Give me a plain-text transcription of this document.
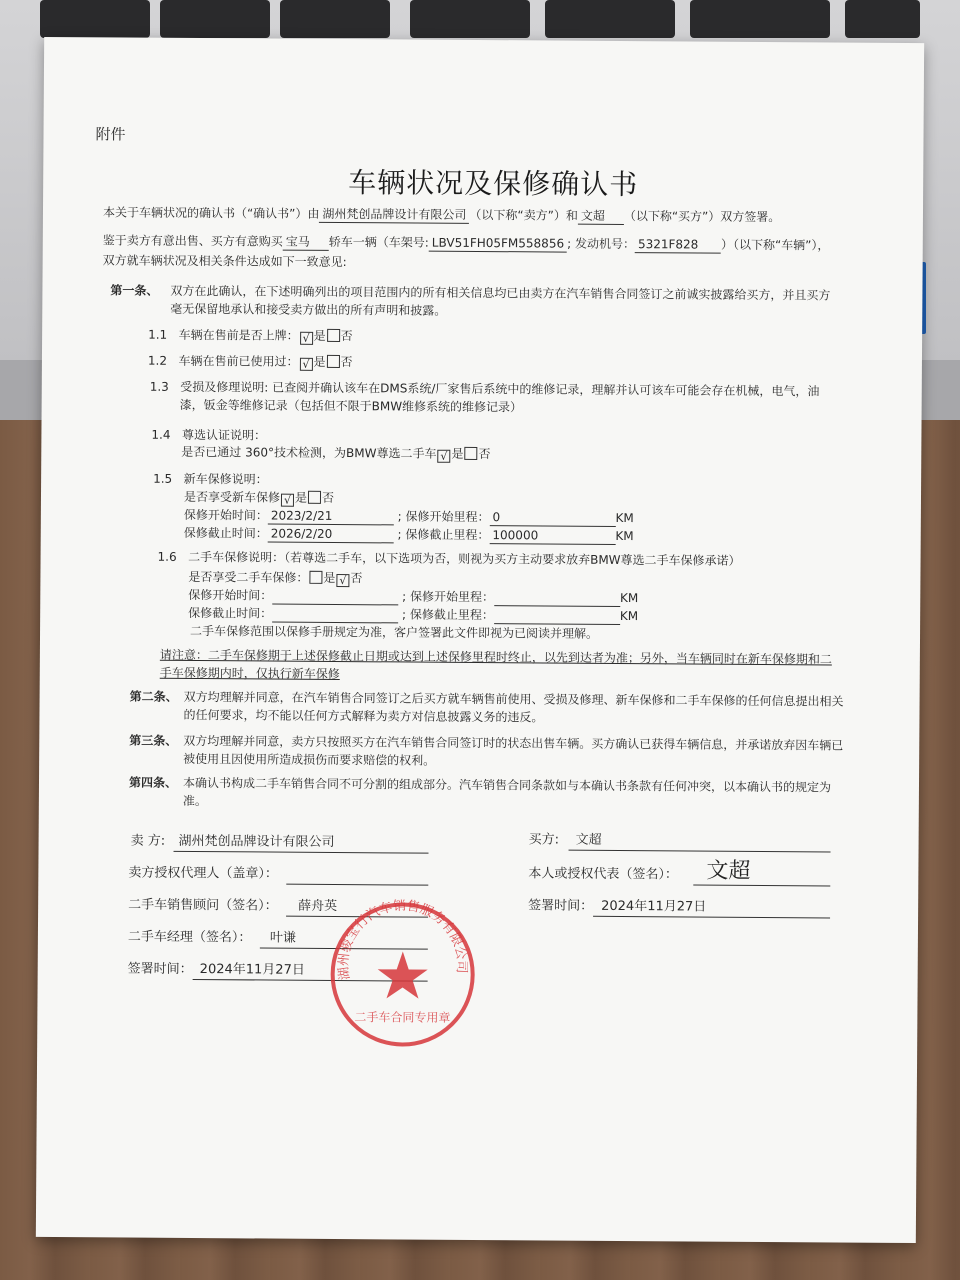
附件
车辆状况及保修确认书
本关于车辆状况的确认书（“确认书”）由 湖州梵创品牌设计有限公司 （以下称“卖方”）和 文超 （以下称“买方”）双方签署。
鉴于卖方有意出售、买方有意购买 宝马 轿车一辆（车架号: LBV51FH05FM558856 ; 发动机号： 5321F828 ）（以下称“车辆”），
双方就车辆状况及相关条件达成如下一致意见:
第一条、 双方在此确认，在下述明确列出的项目范围内的所有相关信息均已由卖方在汽车销售合同签订之前诚实披露给买方，并且买方
毫无保留地承认和接受卖方做出的所有声明和披露。
1.1 车辆在售前是否上牌： √ 是 否
1.2 车辆在售前已使用过： √ 是 否
1.3 受损及修理说明: 已查阅并确认该车在DMS系统/厂家售后系统中的维修记录，理解并认可该车可能会存在机械，电气，油
漆，钣金等维修记录（包括但不限于BMW维修系统的维修记录）
1.4 尊选认证说明：
是否已通过 360°技术检测，为BMW尊选二手车 √ 是 否
1.5 新车保修说明：
是否享受新车保修 √ 是 否
保修开始时间： 2023/2/21	; 保修开始里程： 0	KM
保修截止时间： 2026/2/20	; 保修截止里程： 100000	KM
1.6 二手车保修说明：（若尊选二手车，以下选项为否，则视为买方主动要求放弃BMW尊选二手车保修承诺）
是否享受二手车保修： 是 √ 否
保修开始时间：	; 保修开始里程：	KM
保修截止时间：	; 保修截止里程：	KM
二手车保修范围以保修手册规定为准，客户签署此文件即视为已阅读并理解。
请注意：二手车保修期于上述保修截止日期或达到上述保修里程时终止，以先到达者为准；另外，当车辆同时在新车保修期和二
手车保修期内时，仅执行新车保修
第二条、 双方均理解并同意，在汽车销售合同签订之后买方就车辆售前使用、受损及修理、新车保修和二手车保修的任何信息提出相关
的任何要求，均不能以任何方式解释为卖方对信息披露义务的违反。
第三条、 双方均理解并同意，卖方只按照买方在汽车销售合同签订时的状态出售车辆。买方确认已获得车辆信息，并承诺放弃因车辆已
被使用且因使用所造成损伤而要求赔偿的权利。
第四条、 本确认书构成二手车销售合同不可分割的组成部分。汽车销售合同条款如与本确认书条款有任何冲突，以本确认书的规定为
准。
卖 方: 湖州梵创品牌设计有限公司
卖方授权代理人（盖章）：
二手车销售顾问（签名）： 薛舟英
二手车经理（签名）： 叶谦
签署时间： 2024年11月27日
买方: 文超
本人或授权代表（签名）： 文超
签署时间： 2024年11月27日
湖州骏宝行汽车销售服务有限公司
二手车合同专用章
